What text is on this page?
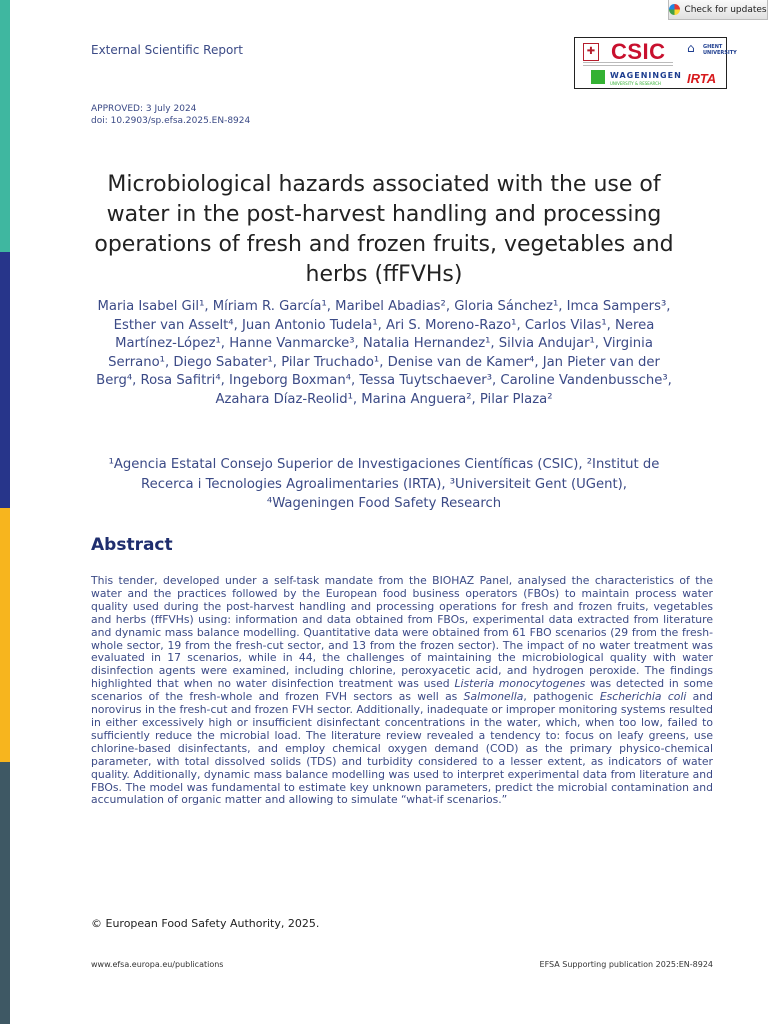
Check for updates
External Scientific Report	✚ CSIC ⌂	GHENT
UNIVERSITY
WAGENINGEN
UNIVERSITY & RESEARCH IRTA
APPROVED: 3 July 2024
doi: 10.2903/sp.efsa.2025.EN-8924
Microbiological hazards associated with the use of water in the post-harvest handling and processing operations of fresh and frozen fruits, vegetables and herbs (ffFVHs)

Maria Isabel Gil¹, Míriam R. García¹, Maribel Abadias², Gloria Sánchez¹, Imca Sampers³, Esther van Asselt⁴, Juan Antonio Tudela¹, Ari S. Moreno-Razo¹, Carlos Vilas¹, Nerea Martínez-López¹, Hanne Vanmarcke³, Natalia Hernandez¹, Silvia Andujar¹, Virginia Serrano¹, Diego Sabater¹, Pilar Truchado¹, Denise van de Kamer⁴, Jan Pieter van der Berg⁴, Rosa Safitri⁴, Ingeborg Boxman⁴, Tessa Tuytschaever³, Caroline Vandenbussche³, Azahara Díaz-Reolid¹, Marina Anguera², Pilar Plaza²

¹Agencia Estatal Consejo Superior de Investigaciones Científicas (CSIC), ²Institut de Recerca i Tecnologies Agroalimentaries (IRTA), ³Universiteit Gent (UGent), ⁴Wageningen Food Safety Research

Abstract

This tender, developed under a self-task mandate from the BIOHAZ Panel, analysed the characteristics of the water and the practices followed by the European food business operators (FBOs) to maintain process water quality used during the post-harvest handling and processing operations for fresh and frozen fruits, vegetables and herbs (ffFVHs) using: information and data obtained from FBOs, experimental data extracted from literature and dynamic mass balance modelling. Quantitative data were obtained from 61 FBO scenarios (29 from the fresh-whole sector, 19 from the fresh-cut sector, and 13 from the frozen sector). The impact of no water treatment was evaluated in 17 scenarios, while in 44, the challenges of maintaining the microbiological quality with water disinfection agents were examined, including chlorine, peroxyacetic acid, and hydrogen peroxide. The findings highlighted that when no water disinfection treatment was used Listeria monocytogenes was detected in some scenarios of the fresh-whole and frozen FVH sectors as well as Salmonella, pathogenic Escherichia coli and norovirus in the fresh-cut and frozen FVH sector. Additionally, inadequate or improper monitoring systems resulted in either excessively high or insufficient disinfectant concentrations in the water, which, when too low, failed to sufficiently reduce the microbial load. The literature review revealed a tendency to: focus on leafy greens, use chlorine-based disinfectants, and employ chemical oxygen demand (COD) as the primary physico-chemical parameter, with total dissolved solids (TDS) and turbidity considered to a lesser extent, as indicators of water quality. Additionally, dynamic mass balance modelling was used to interpret experimental data from literature and FBOs. The model was fundamental to estimate key unknown parameters, predict the microbial contamination and accumulation of organic matter and allowing to simulate “what-if scenarios.”

© European Food Safety Authority, 2025.
www.efsa.europa.eu/publications	EFSA Supporting publication 2025:EN-8924
